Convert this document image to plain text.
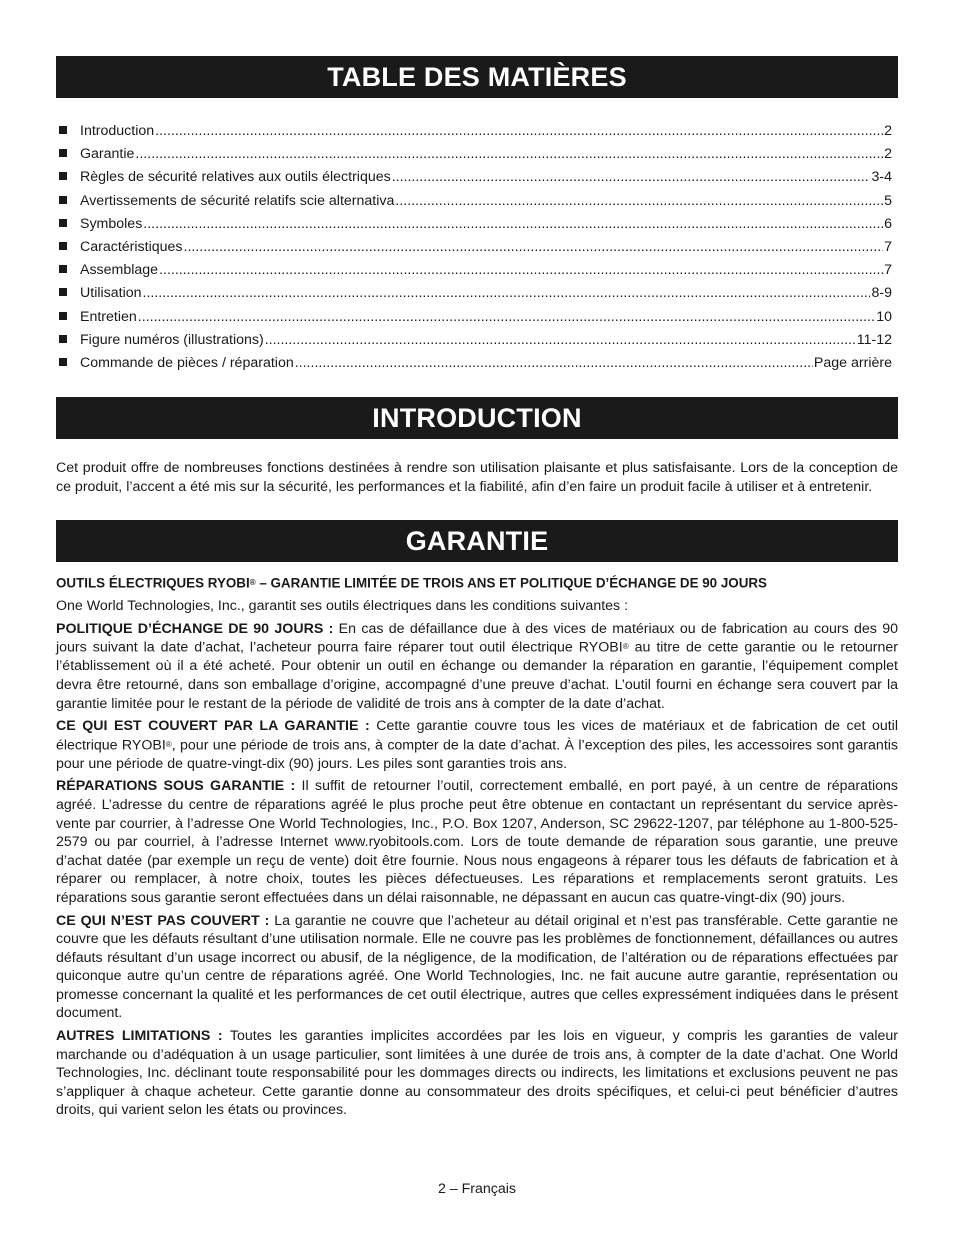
TABLE DES MATIÈRES
Introduction .....	2
Garantie .....	2
Règles de sécurité relatives aux outils électriques .....	3-4
Avertissements de sécurité relatifs scie alternativa .....	5
Symboles .....	6
Caractéristiques .....	7
Assemblage .....	7
Utilisation .....	8-9
Entretien .....	10
Figure numéros (illustrations) .....	11-12
Commande de pièces / réparation .....	Page arrière
INTRODUCTION

Cet produit offre de nombreuses fonctions destinées à rendre son utilisation plaisante et plus satisfaisante. Lors de la conception de ce produit, l’accent a été mis sur la sécurité, les performances et la fiabilité, afin d’en faire un produit facile à utiliser et à entretenir.

GARANTIE

OUTILS ÉLECTRIQUES RYOBI® – GARANTIE LIMITÉE DE TROIS ANS ET POLITIQUE D’ÉCHANGE DE 90 JOURS

One World Technologies, Inc., garantit ses outils électriques dans les conditions suivantes :

POLITIQUE D’ÉCHANGE DE 90 JOURS : En cas de défaillance due à des vices de matériaux ou de fabrication au cours des 90 jours suivant la date d’achat, l’acheteur pourra faire réparer tout outil électrique RYOBI® au titre de cette garantie ou le retourner l’établissement où il a été acheté. Pour obtenir un outil en échange ou demander la réparation en garantie, l’équipement complet devra être retourné, dans son emballage d’origine, accompagné d’une preuve d’achat. L’outil fourni en échange sera couvert par la garantie limitée pour le restant de la période de validité de trois ans à compter de la date d’achat.

CE QUI EST COUVERT PAR LA GARANTIE : Cette garantie couvre tous les vices de matériaux et de fabrication de cet outil électrique RYOBI®, pour une période de trois ans, à compter de la date d’achat. À l’exception des piles, les accessoires sont garantis pour une période de quatre-vingt-dix (90) jours. Les piles sont garanties trois ans.

RÉPARATIONS SOUS GARANTIE : Il suffit de retourner l’outil, correctement emballé, en port payé, à un centre de réparations agréé. L’adresse du centre de réparations agréé le plus proche peut être obtenue en contactant un représentant du service après-vente par courrier, à l’adresse One World Technologies, Inc., P.O. Box 1207, Anderson, SC 29622-1207, par téléphone au 1-800-525-2579 ou par courriel, à l’adresse Internet www.ryobitools.com. Lors de toute demande de réparation sous garantie, une preuve d’achat datée (par exemple un reçu de vente) doit être fournie. Nous nous engageons à réparer tous les défauts de fabrication et à réparer ou remplacer, à notre choix, toutes les pièces défectueuses. Les réparations et remplacements seront gratuits. Les réparations sous garantie seront effectuées dans un délai raisonnable, ne dépassant en aucun cas quatre-vingt-dix (90) jours.

CE QUI N’EST PAS COUVERT : La garantie ne couvre que l’acheteur au détail original et n’est pas transférable. Cette garantie ne couvre que les défauts résultant d’une utilisation normale. Elle ne couvre pas les problèmes de fonctionnement, défaillances ou autres défauts résultant d’un usage incorrect ou abusif, de la négligence, de la modification, de l’altération ou de réparations effectuées par quiconque autre qu’un centre de réparations agréé. One World Technologies, Inc. ne fait aucune autre garantie, représentation ou promesse concernant la qualité et les performances de cet outil électrique, autres que celles expressément indiquées dans le présent document.

AUTRES LIMITATIONS : Toutes les garanties implicites accordées par les lois en vigueur, y compris les garanties de valeur marchande ou d’adéquation à un usage particulier, sont limitées à une durée de trois ans, à compter de la date d’achat. One World Technologies, Inc. déclinant toute responsabilité pour les dommages directs ou indirects, les limitations et exclusions peuvent ne pas s’appliquer à chaque acheteur. Cette garantie donne au consommateur des droits spécifiques, et celui-ci peut bénéficier d’autres droits, qui varient selon les états ou provinces.

2 – Français
